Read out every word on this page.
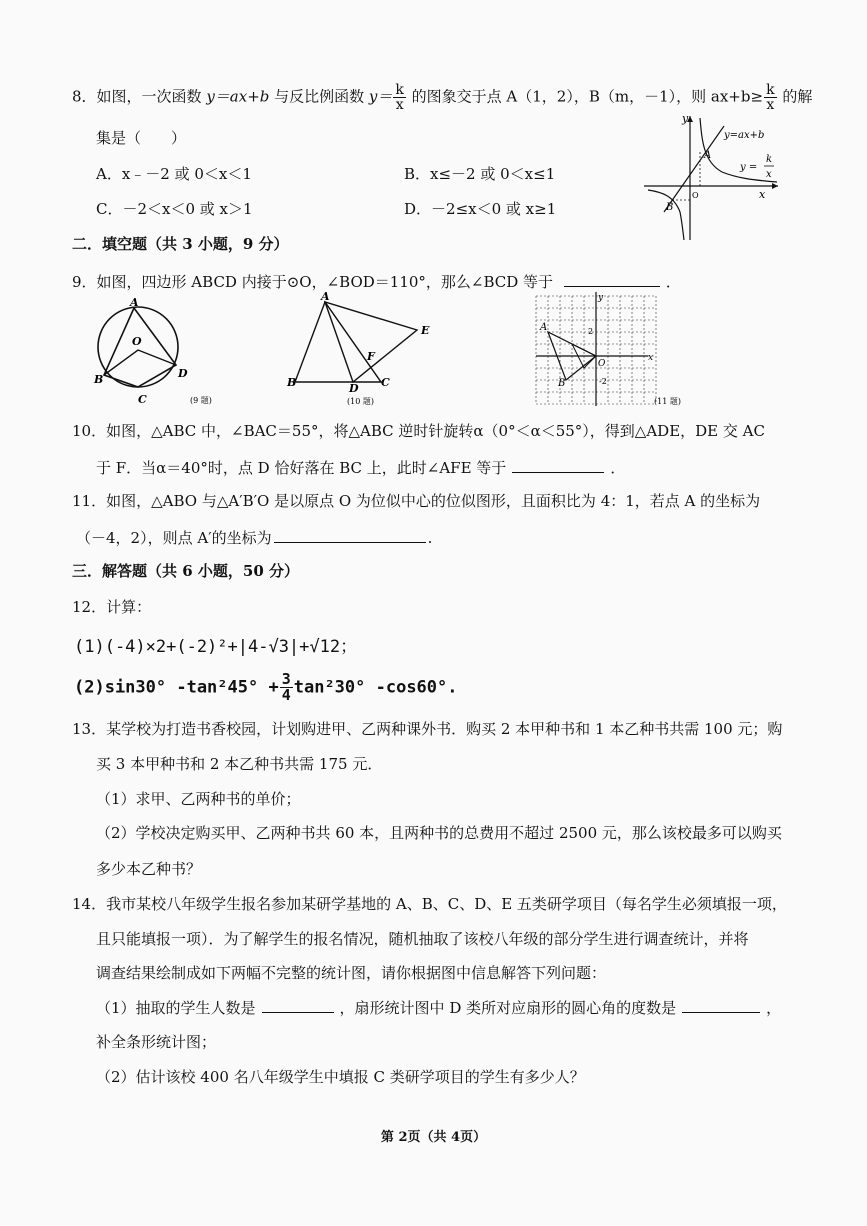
8．如图，一次函数 y＝ax+b 与反比例函数 $y= \frac{k}{x}$ 的图象交于点 A（1，2），B（m，－1），则 $ax+b\ge \frac{k}{x}$ 的解
集是（　　）
A．x﹣－2 或 0＜x＜1	B．x≤－2 或 0＜x≤1
C．－2＜x＜0 或 x＞1	D．－2≤x＜0 或 x≥1
y
x
y=ax+b
y =
k
x
A
B
O
二．填空题（共 3 小题，9 分）
9．如图，四边形 ABCD 内接于⊙O，∠BOD＝110°，那么∠BCD 等于	．
A
B
C
D
O
(9 题)
A
B	C
D
E
F
(10 题)
A
B
O
x
y
2
-2
(11 题)
10．如图，△ABC 中，∠BAC＝55°，将△ABC 逆时针旋转α（0°＜α＜55°），得到△ADE，DE 交 AC
于 F．当α＝40°时，点 D 恰好落在 BC 上，此时∠AFE 等于	．
11．如图，△ABO 与△A′B′O 是以原点 O 为位似中心的位似图形，且面积比为 4：1，若点 A 的坐标为
（－4，2），则点 A′的坐标为	.
三．解答题（共 6 小题，50 分）
12．计算：
(1)(-4)×2+(-2)²+|4-√3|+√12；
(2)sin30° $-\tan^245^\circ + \frac{3}{4} \tan^230^\circ$ -cos60°.
13．某学校为打造书香校园，计划购进甲、乙两种课外书．购买 2 本甲种书和 1 本乙种书共需 100 元；购
买 3 本甲种书和 2 本乙种书共需 175 元．
（1）求甲、乙两种书的单价；
（2）学校决定购买甲、乙两种书共 60 本，且两种书的总费用不超过 2500 元，那么该校最多可以购买
多少本乙种书？
14．我市某校八年级学生报名参加某研学基地的 A、B、C、D、E 五类研学项目（每名学生必须填报一项，
且只能填报一项）．为了解学生的报名情况，随机抽取了该校八年级的部分学生进行调查统计，并将
调查结果绘制成如下两幅不完整的统计图，请你根据图中信息解答下列问题：
（1）抽取的学生人数是	，扇形统计图中 D 类所对应扇形的圆心角的度数是	，
补全条形统计图；
（2）估计该校 400 名八年级学生中填报 C 类研学项目的学生有多少人？
第 2页（共 4页）
